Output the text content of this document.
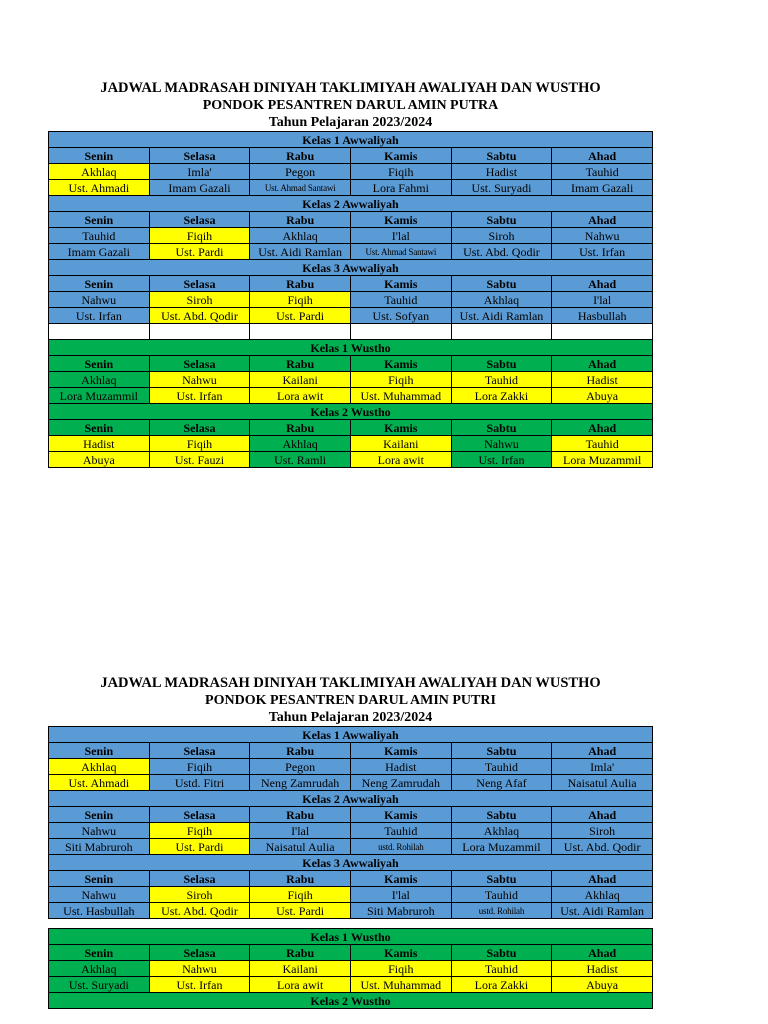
JADWAL MADRASAH DINIYAH TAKLIMIYAH AWALIYAH DAN WUSTHO

PONDOK PESANTREN DARUL AMIN PUTRA

Tahun Pelajaran 2023/2024

Kelas 1 Awwaliyah					
Senin	Selasa	Rabu	Kamis	Sabtu	Ahad
Akhlaq	Imla'	Pegon	Fiqih	Hadist	Tauhid
Ust. Ahmadi	Imam Gazali	Ust. Ahmad Santawi	Lora Fahmi	Ust. Suryadi	Imam Gazali
Kelas 2 Awwaliyah					
Senin	Selasa	Rabu	Kamis	Sabtu	Ahad
Tauhid	Fiqih	Akhlaq	I'lal	Siroh	Nahwu
Imam Gazali	Ust. Pardi	Ust. Aidi Ramlan	Ust. Ahmad Santawi	Ust. Abd. Qodir	Ust. Irfan
Kelas 3 Awwaliyah					
Senin	Selasa	Rabu	Kamis	Sabtu	Ahad
Nahwu	Siroh	Fiqih	Tauhid	Akhlaq	I'lal
Ust. Irfan	Ust. Abd. Qodir	Ust. Pardi	Ust. Sofyan	Ust. Aidi Ramlan	Hasbullah

Kelas 1 Wustho					
Senin	Selasa	Rabu	Kamis	Sabtu	Ahad
Akhlaq	Nahwu	Kailani	Fiqih	Tauhid	Hadist
Lora Muzammil	Ust. Irfan	Lora awit	Ust. Muhammad	Lora Zakki	Abuya
Kelas 2 Wustho					
Senin	Selasa	Rabu	Kamis	Sabtu	Ahad
Hadist	Fiqih	Akhlaq	Kailani	Nahwu	Tauhid
Abuya	Ust. Fauzi	Ust. Ramli	Lora awit	Ust. Irfan	Lora Muzammil

JADWAL MADRASAH DINIYAH TAKLIMIYAH AWALIYAH DAN WUSTHO

PONDOK PESANTREN DARUL AMIN PUTRI

Tahun Pelajaran 2023/2024

Kelas 1 Awwaliyah					
Senin	Selasa	Rabu	Kamis	Sabtu	Ahad
Akhlaq	Fiqih	Pegon	Hadist	Tauhid	Imla'
Ust. Ahmadi	Ustd. Fitri	Neng Zamrudah	Neng Zamrudah	Neng Afaf	Naisatul Aulia
Kelas 2 Awwaliyah					
Senin	Selasa	Rabu	Kamis	Sabtu	Ahad
Nahwu	Fiqih	I'lal	Tauhid	Akhlaq	Siroh
Siti Mabruroh	Ust. Pardi	Naisatul Aulia	ustd. Rohilah	Lora Muzammil	Ust. Abd. Qodir
Kelas 3 Awwaliyah					
Senin	Selasa	Rabu	Kamis	Sabtu	Ahad
Nahwu	Siroh	Fiqih	I'lal	Tauhid	Akhlaq
Ust. Hasbullah	Ust. Abd. Qodir	Ust. Pardi	Siti Mabruroh	ustd. Rohilah	Ust. Aidi Ramlan
Kelas 1 Wustho					
Senin	Selasa	Rabu	Kamis	Sabtu	Ahad
Akhlaq	Nahwu	Kailani	Fiqih	Tauhid	Hadist
Ust. Suryadi	Ust. Irfan	Lora awit	Ust. Muhammad	Lora Zakki	Abuya
Kelas 2 Wustho					
